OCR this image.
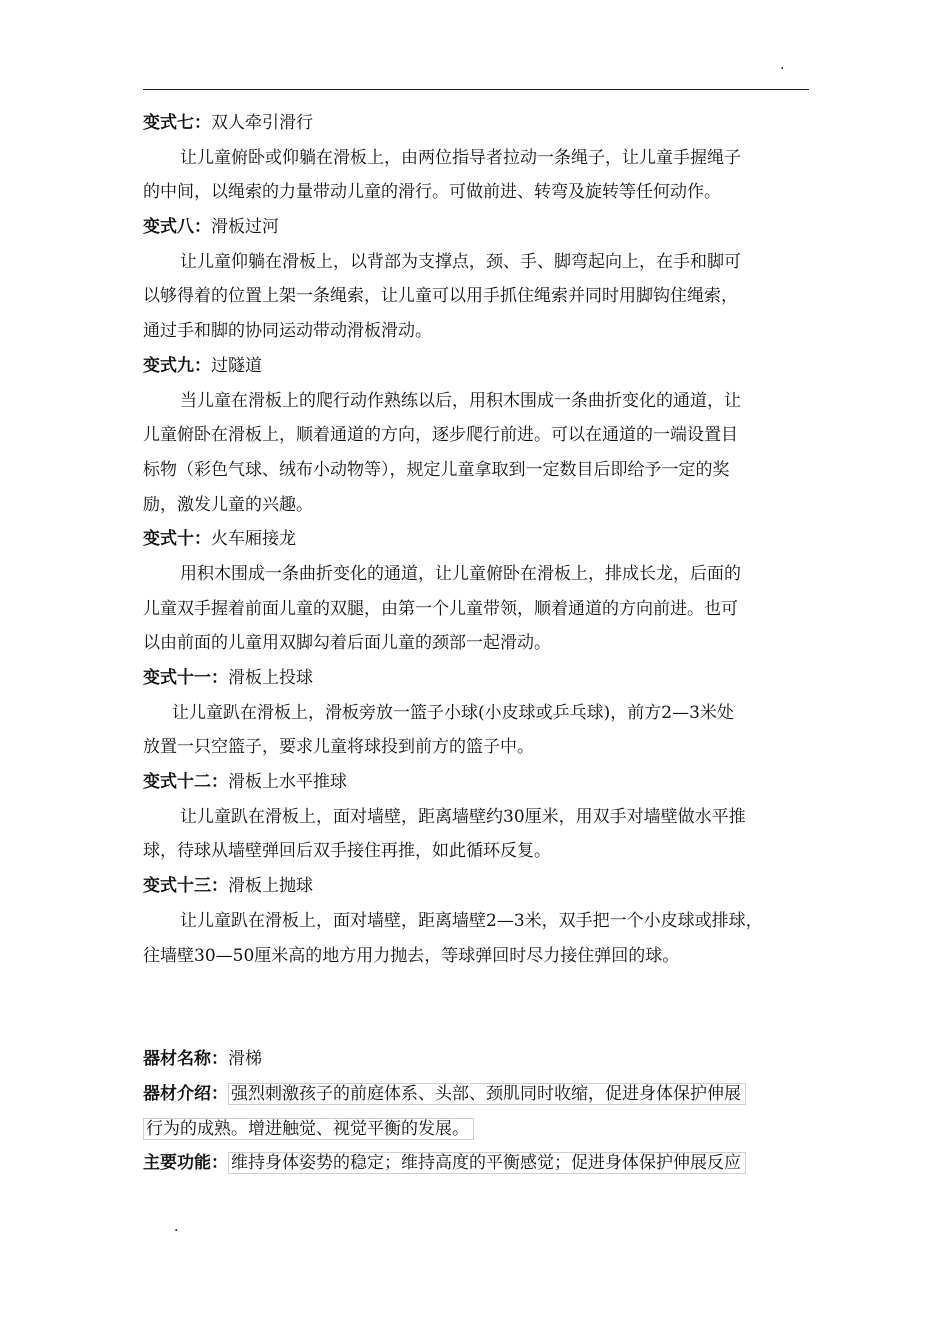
.
变式七：双人牵引滑行
让儿童俯卧或仰躺在滑板上，由两位指导者拉动一条绳子，让儿童手握绳子
的中间，以绳索的力量带动儿童的滑行。可做前进、转弯及旋转等任何动作。
变式八：滑板过河
让儿童仰躺在滑板上，以背部为支撑点，颈、手、脚弯起向上，在手和脚可
以够得着的位置上架一条绳索，让儿童可以用手抓住绳索并同时用脚钩住绳索，
通过手和脚的协同运动带动滑板滑动。
变式九：过隧道
当儿童在滑板上的爬行动作熟练以后，用积木围成一条曲折变化的通道，让
儿童俯卧在滑板上，顺着通道的方向，逐步爬行前进。可以在通道的一端设置目
标物（彩色气球、绒布小动物等），规定儿童拿取到一定数目后即给予一定的奖
励，激发儿童的兴趣。
变式十：火车厢接龙
用积木围成一条曲折变化的通道，让儿童俯卧在滑板上，排成长龙，后面的
儿童双手握着前面儿童的双腿，由第一个儿童带领，顺着通道的方向前进。也可
以由前面的儿童用双脚勾着后面儿童的颈部一起滑动。
变式十一：滑板上投球
让儿童趴在滑板上，滑板旁放一篮子小球(小皮球或乒乓球)，前方2—3米处
放置一只空篮子，要求儿童将球投到前方的篮子中。
变式十二：滑板上水平推球
让儿童趴在滑板上，面对墙壁，距离墙壁约30厘米，用双手对墙壁做水平推
球，待球从墙壁弹回后双手接住再推，如此循环反复。
变式十三：滑板上抛球
让儿童趴在滑板上，面对墙壁，距离墙壁2—3米，双手把一个小皮球或排球，
往墙壁30—50厘米高的地方用力抛去，等球弹回时尽力接住弹回的球。
器材名称：滑梯
器材介绍： 强烈刺激孩子的前庭体系、头部、颈肌同时收缩，促进身体保护伸展
行为的成熟。增进触觉、视觉平衡的发展。
主要功能： 维持身体姿势的稳定；维持高度的平衡感觉；促进身体保护伸展反应
.
